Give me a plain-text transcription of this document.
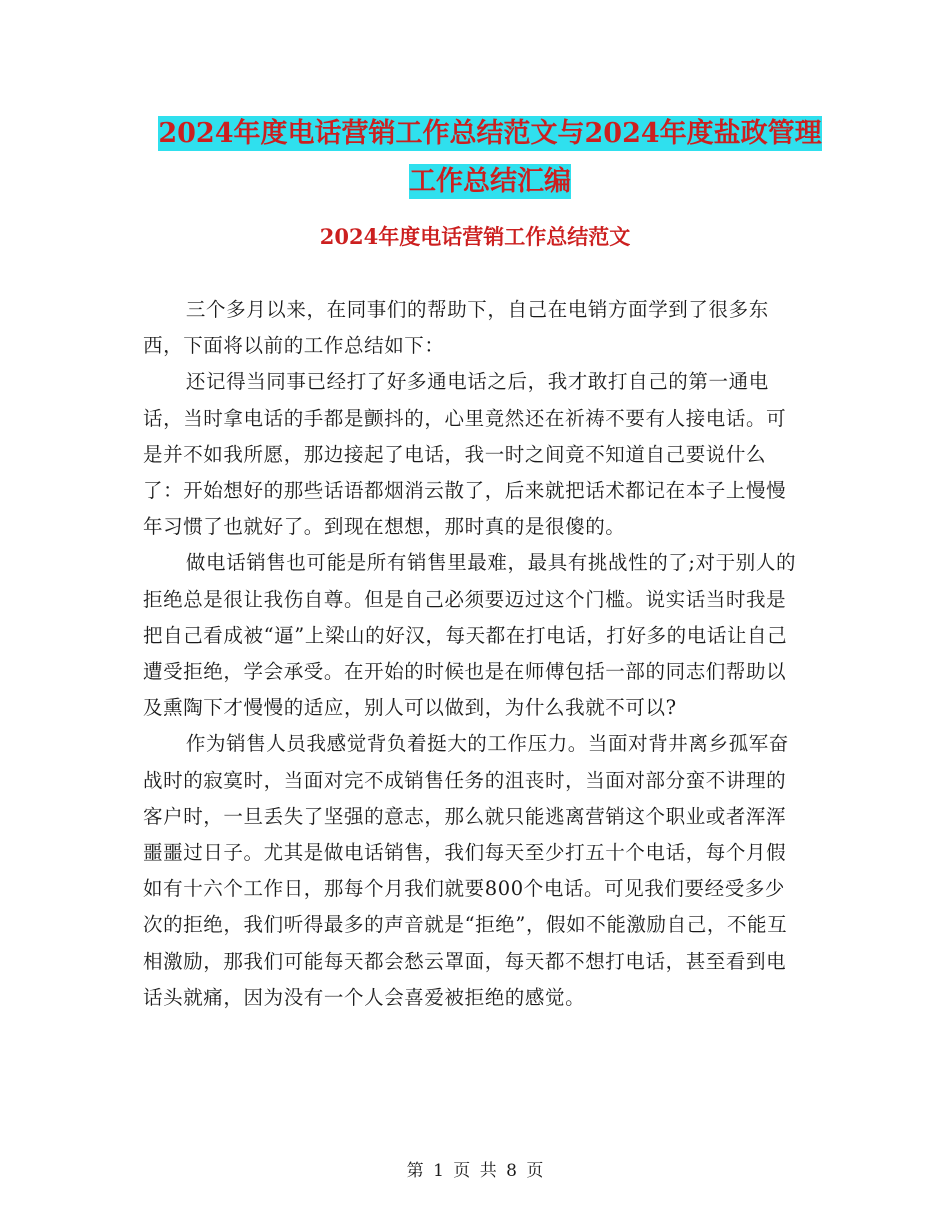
2024年度电话营销工作总结范文与2024年度盐政管理
工作总结汇编
2024年度电话营销工作总结范文

三个多月以来，在同事们的帮助下，自己在电销方面学到了很多东西，下面将以前的工作总结如下：

还记得当同事已经打了好多通电话之后，我才敢打自己的第一通电话，当时拿电话的手都是颤抖的，心里竟然还在祈祷不要有人接电话。可是并不如我所愿，那边接起了电话，我一时之间竟不知道自己要说什么了：开始想好的那些话语都烟消云散了，后来就把话术都记在本子上慢慢年习惯了也就好了。到现在想想，那时真的是很傻的。

做电话销售也可能是所有销售里最难，最具有挑战性的了;对于别人的拒绝总是很让我伤自尊。但是自己必须要迈过这个门槛。说实话当时我是把自己看成被“逼”上梁山的好汉，每天都在打电话，打好多的电话让自己遭受拒绝，学会承受。在开始的时候也是在师傅包括一部的同志们帮助以及熏陶下才慢慢的适应，别人可以做到，为什么我就不可以?

作为销售人员我感觉背负着挺大的工作压力。当面对背井离乡孤军奋战时的寂寞时，当面对完不成销售任务的沮丧时，当面对部分蛮不讲理的客户时，一旦丢失了坚强的意志，那么就只能逃离营销这个职业或者浑浑噩噩过日子。尤其是做电话销售，我们每天至少打五十个电话，每个月假如有十六个工作日，那每个月我们就要800个电话。可见我们要经受多少次的拒绝，我们听得最多的声音就是“拒绝”，假如不能激励自己，不能互相激励，那我们可能每天都会愁云罩面，每天都不想打电话，甚至看到电话头就痛，因为没有一个人会喜爱被拒绝的感觉。

第 1 页 共 8 页
